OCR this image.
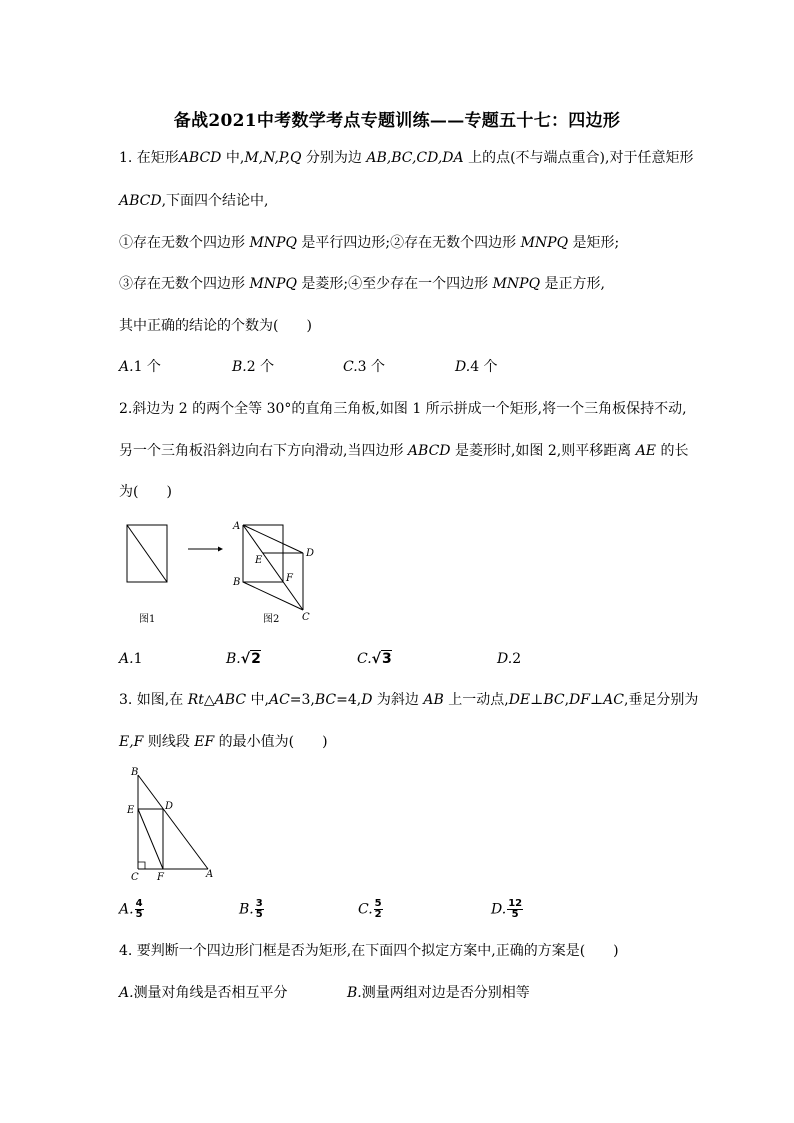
备战2021中考数学考点专题训练——专题五十七：四边形
1. 在矩形ABCD 中,M,N,P,Q 分别为边 AB,BC,CD,DA 上的点(不与端点重合),对于任意矩形
ABCD,下面四个结论中,
①存在无数个四边形 MNPQ 是平行四边形;②存在无数个四边形 MNPQ 是矩形;
③存在无数个四边形 MNPQ 是菱形;④至少存在一个四边形 MNPQ 是正方形,
其中正确的结论的个数为(　　)
A.1 个	B.2 个	C.3 个	D.4 个
2.斜边为 2 的两个全等 30°的直角三角板,如图 1 所示拼成一个矩形,将一个三角板保持不动,
另一个三角板沿斜边向右下方向滑动,当四边形 ABCD 是菱形时,如图 2,则平移距离 AE 的长
为(　　)
图1
A
B
C
D
E
F
图2
A.1	B.√2	C.√3	D.2
3. 如图,在 Rt△ABC 中,AC=3,BC=4,D 为斜边 AB 上一动点,DE⊥BC,DF⊥AC,垂足分别为
E,F 则线段 EF 的最小值为(　　)
B
E	D
C F	A
A. $\frac{4}{5}$	B. $\frac{3}{5}$	C. $\frac{5}{2}$	D. $\frac{12}{5}$
4. 要判断一个四边形门框是否为矩形,在下面四个拟定方案中,正确的方案是(　　)
A.测量对角线是否相互平分	B.测量两组对边是否分别相等
